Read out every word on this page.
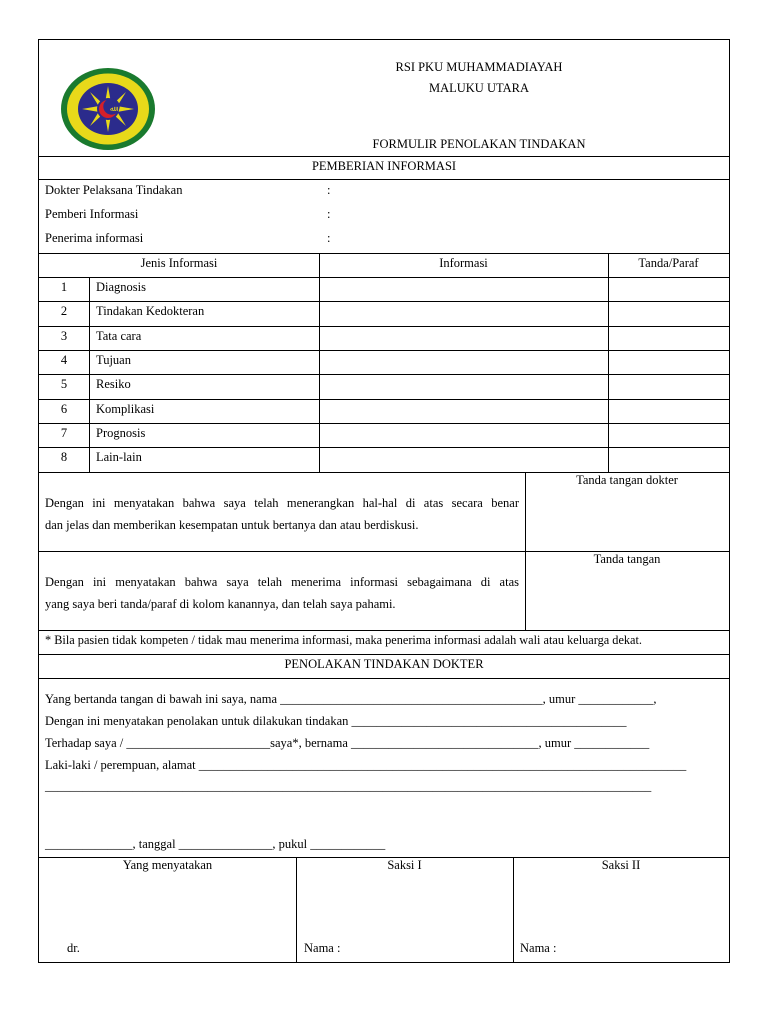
ﷲ
RSI PKU MUHAMMADIAYAH
MALUKU UTARA
FORMULIR PENOLAKAN TINDAKAN
PEMBERIAN INFORMASI
Dokter Pelaksana Tindakan	:
Pemberi Informasi	:
Penerima informasi	:
Jenis Informasi	Informasi	Tanda/Paraf
1	Diagnosis
2	Tindakan Kedokteran
3	Tata cara
4	Tujuan
5	Resiko
6	Komplikasi
7	Prognosis
8	Lain-lain
Dengan ini menyatakan bahwa saya telah menerangkan hal-hal di atas secara benar
dan jelas dan memberikan kesempatan untuk bertanya dan atau berdiskusi.
Tanda tangan dokter
Dengan ini menyatakan bahwa saya telah menerima informasi sebagaimana di atas
yang saya beri tanda/paraf di kolom kanannya, dan telah saya pahami.
Tanda tangan
* Bila pasien tidak kompeten / tidak mau menerima informasi, maka penerima informasi adalah wali atau keluarga dekat.
PENOLAKAN TINDAKAN DOKTER
Yang bertanda tangan di bawah ini saya, nama __________________________________________, umur ____________,
Dengan ini menyatakan penolakan untuk dilakukan tindakan ____________________________________________
Terhadap saya / _______________________saya*, bernama ______________________________, umur ____________
Laki-laki / perempuan, alamat ______________________________________________________________________________
_________________________________________________________________________________________________
______________, tanggal _______________, pukul ____________
Yang menyatakan	Saksi I	Saksi II
dr.	Nama :	Nama :
